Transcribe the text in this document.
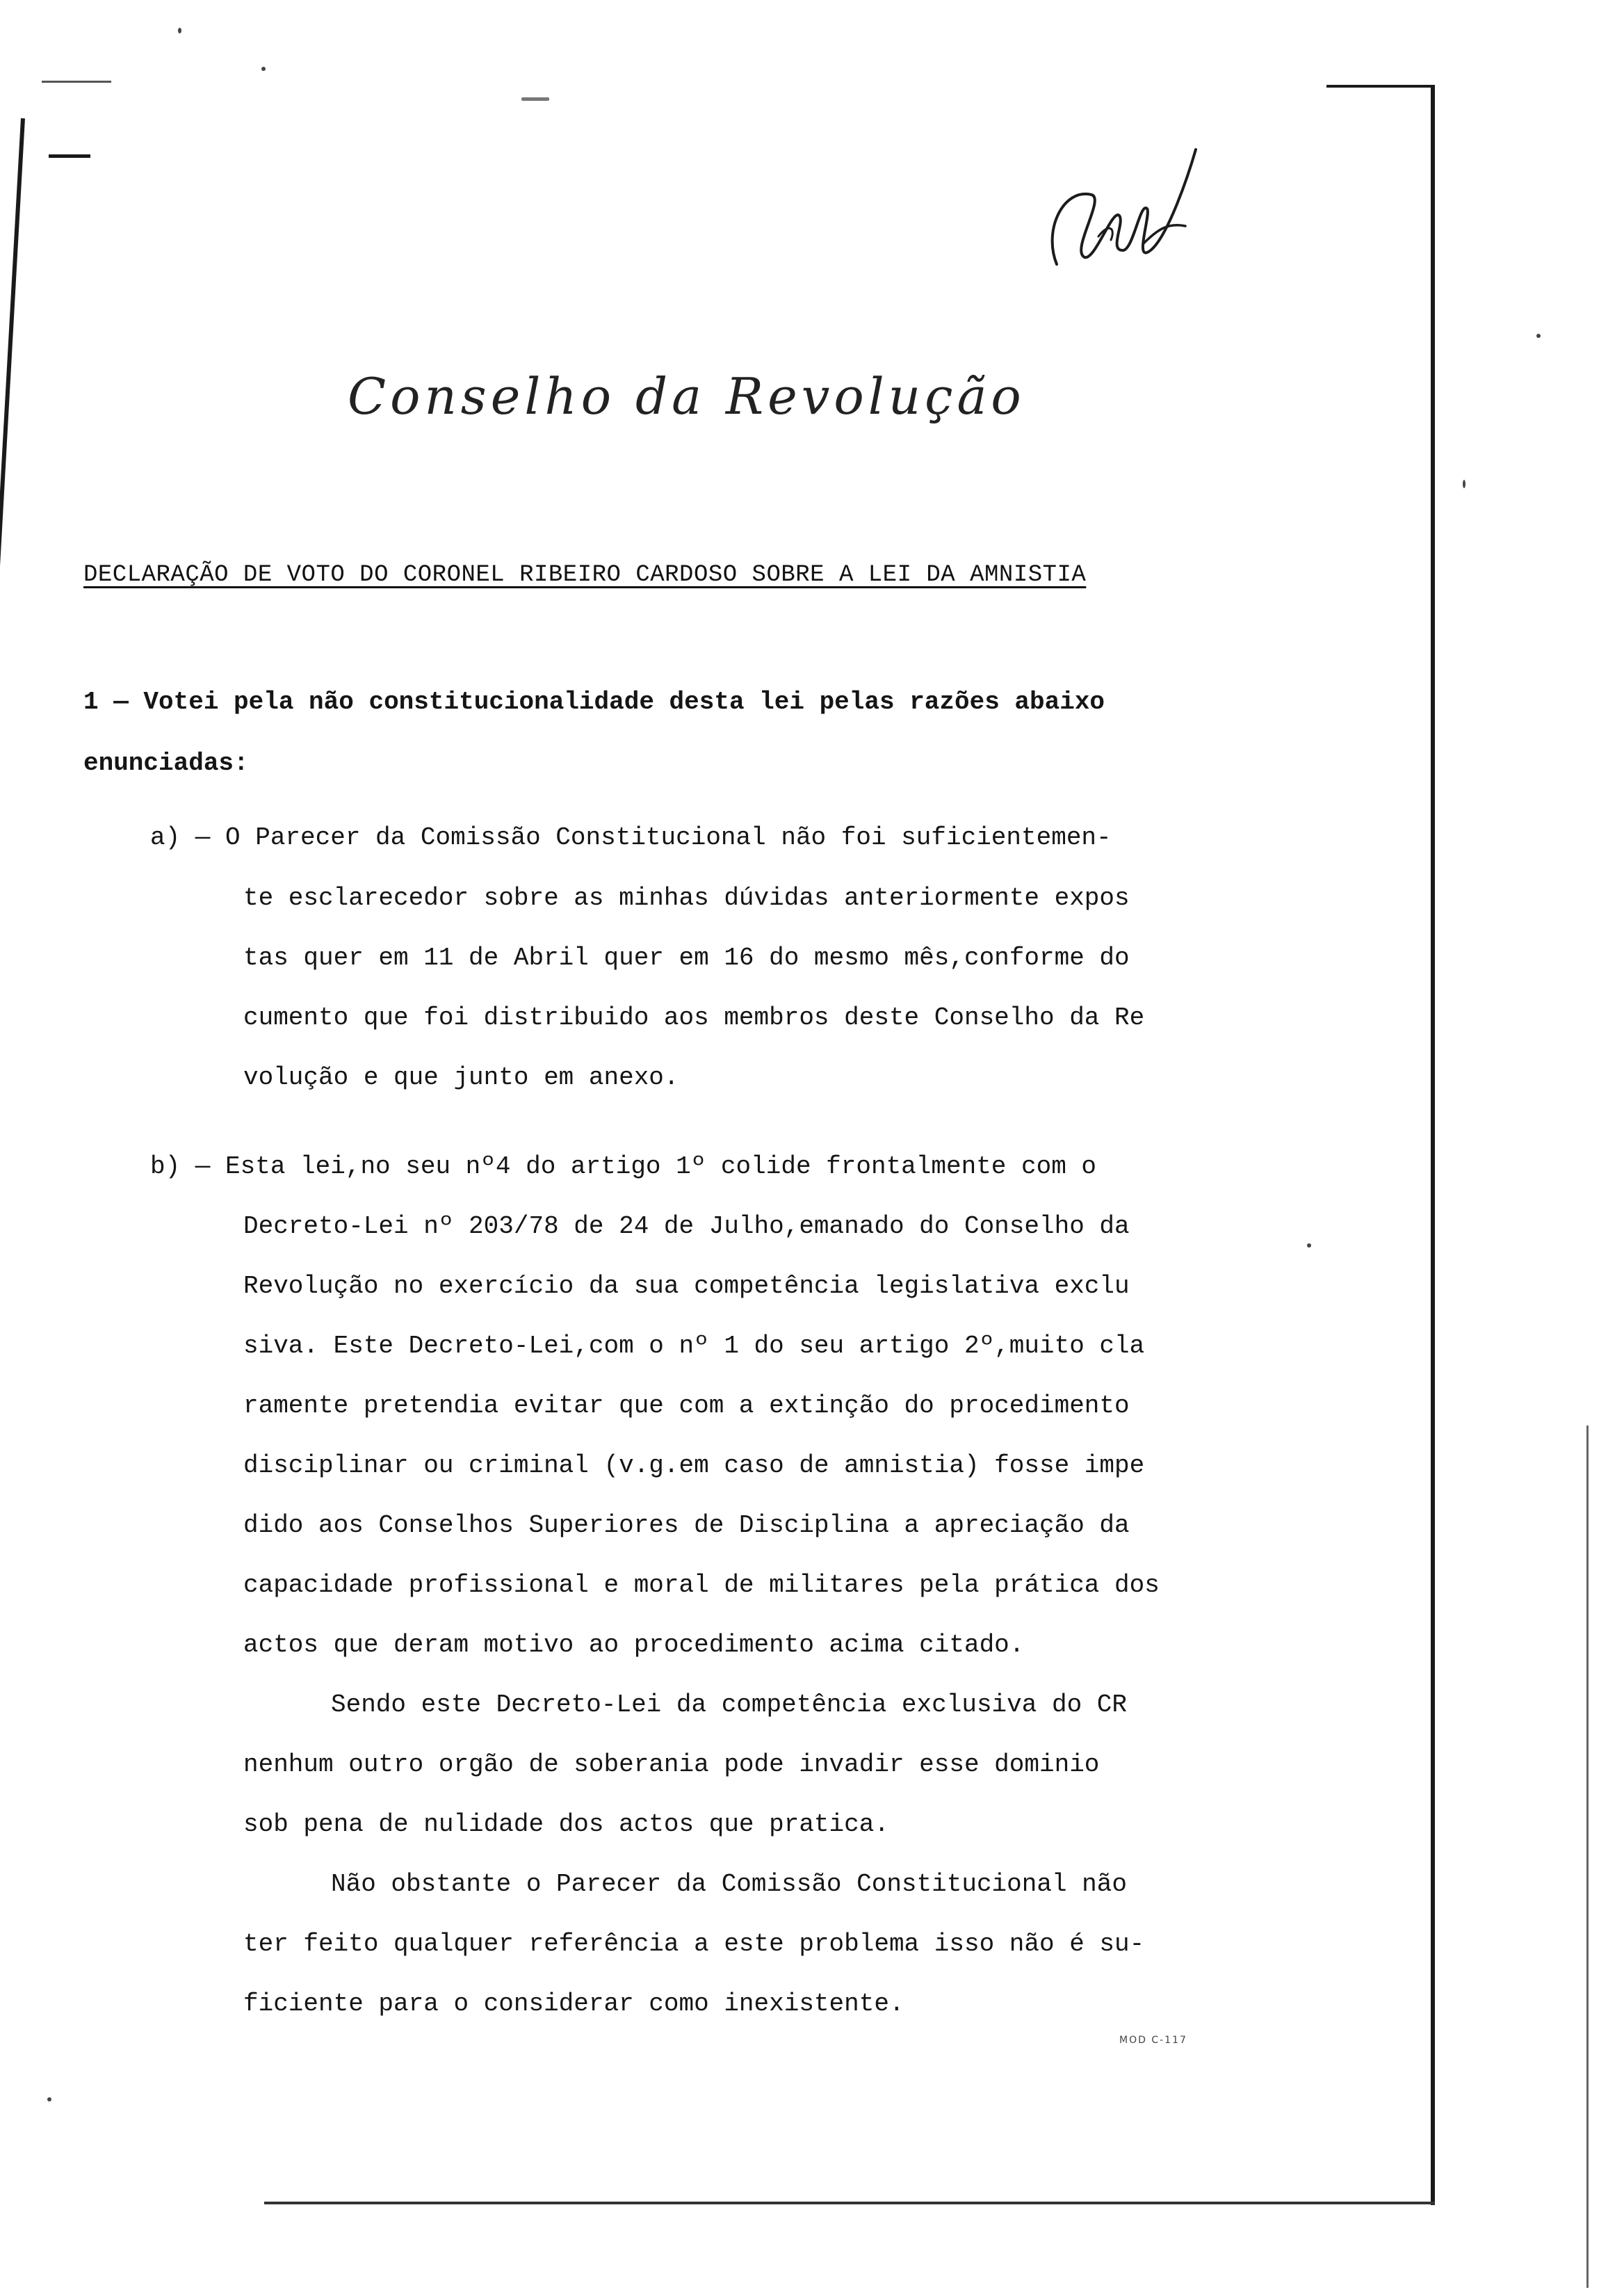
Conselho da Revolução
DECLARAÇÃO DE VOTO DO CORONEL RIBEIRO CARDOSO SOBRE A LEI DA AMNISTIA
1 — Votei pela não constitucionalidade desta lei pelas razões abaixo
enunciadas:
a) — O Parecer da Comissão Constitucional não foi suficientemen-
te esclarecedor sobre as minhas dúvidas anteriormente expos
tas quer em 11 de Abril quer em 16 do mesmo mês,conforme do
cumento que foi distribuido aos membros deste Conselho da Re
volução e que junto em anexo.
b) — Esta lei,no seu nº4 do artigo 1º colide frontalmente com o
Decreto-Lei nº 203/78 de 24 de Julho,emanado do Conselho da
Revolução no exercício da sua competência legislativa exclu
siva. Este Decreto-Lei,com o nº 1 do seu artigo 2º,muito cla
ramente pretendia evitar que com a extinção do procedimento
disciplinar ou criminal (v.g.em caso de amnistia) fosse impe
dido aos Conselhos Superiores de Disciplina a apreciação da
capacidade profissional e moral de militares pela prática dos
actos que deram motivo ao procedimento acima citado.
Sendo este Decreto-Lei da competência exclusiva do CR
nenhum outro orgão de soberania pode invadir esse dominio
sob pena de nulidade dos actos que pratica.
Não obstante o Parecer da Comissão Constitucional não
ter feito qualquer referência a este problema isso não é su-
ficiente para o considerar como inexistente.
MOD C-117
